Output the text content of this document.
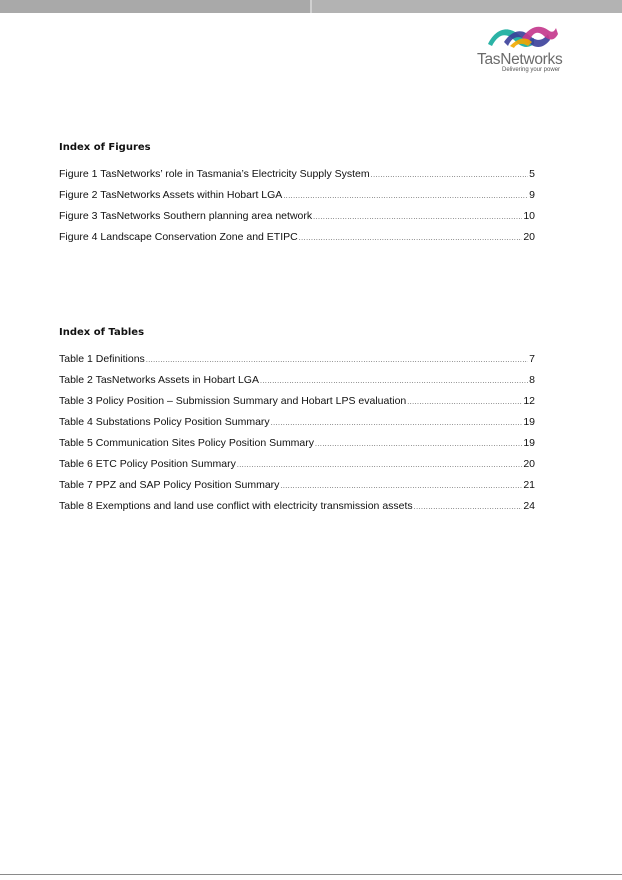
TasNetworks
Delivering your power
Index of Figures
Figure 1 TasNetworks’ role in Tasmania’s Electricity Supply System .....	5
Figure 2 TasNetworks Assets within Hobart LGA .....	9
Figure 3 TasNetworks Southern planning area network .....	10
Figure 4 Landscape Conservation Zone and ETIPC .....	20
Index of Tables
Table 1 Definitions .....	7
Table 2 TasNetworks Assets in Hobart LGA .....	8
Table 3 Policy Position – Submission Summary and Hobart LPS evaluation .....	12
Table 4 Substations Policy Position Summary .....	19
Table 5 Communication Sites Policy Position Summary .....	19
Table 6 ETC Policy Position Summary .....	20
Table 7 PPZ and SAP Policy Position Summary .....	21
Table 8 Exemptions and land use conflict with electricity transmission assets .....	24
